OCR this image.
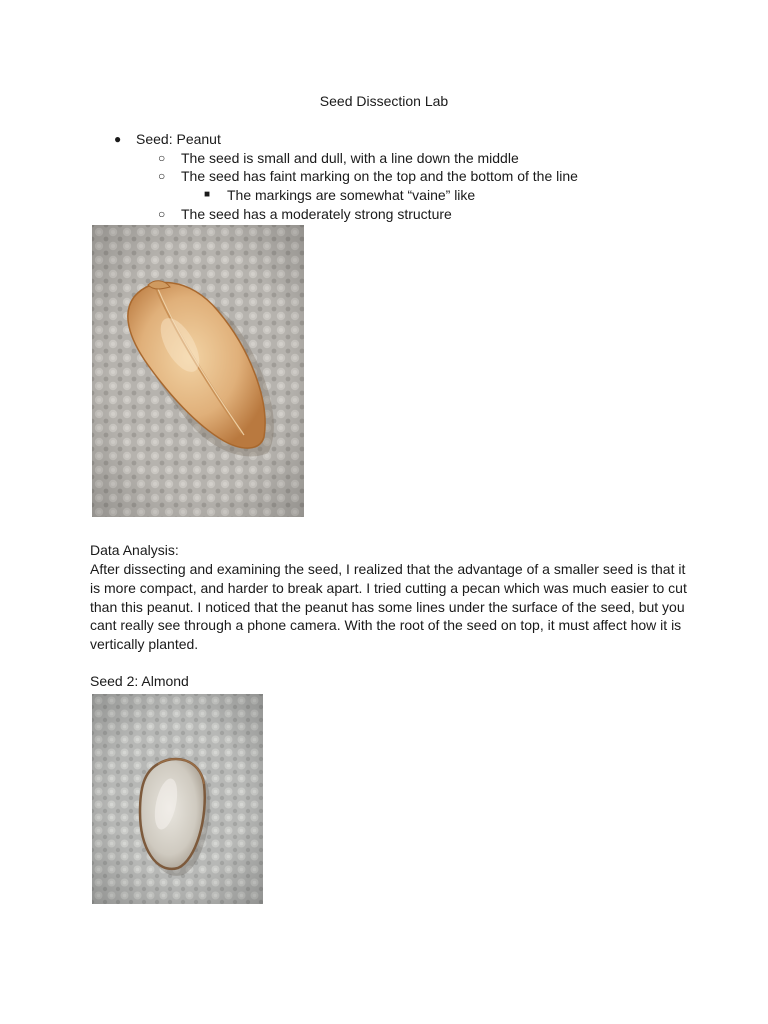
Seed Dissection Lab
● Seed: Peanut
○ The seed is small and dull, with a line down the middle
○ The seed has faint marking on the top and the bottom of the line
■ The markings are somewhat “vaine” like
○ The seed has a moderately strong structure
Data Analysis:
After dissecting and examining the seed, I realized that the advantage of a smaller seed is that it is more compact, and harder to break apart. I tried cutting a pecan which was much easier to cut than this peanut. I noticed that the peanut has some lines under the surface of the seed, but you cant really see through a phone camera. With the root of the seed on top, it must affect how it is vertically planted.
Seed 2: Almond
